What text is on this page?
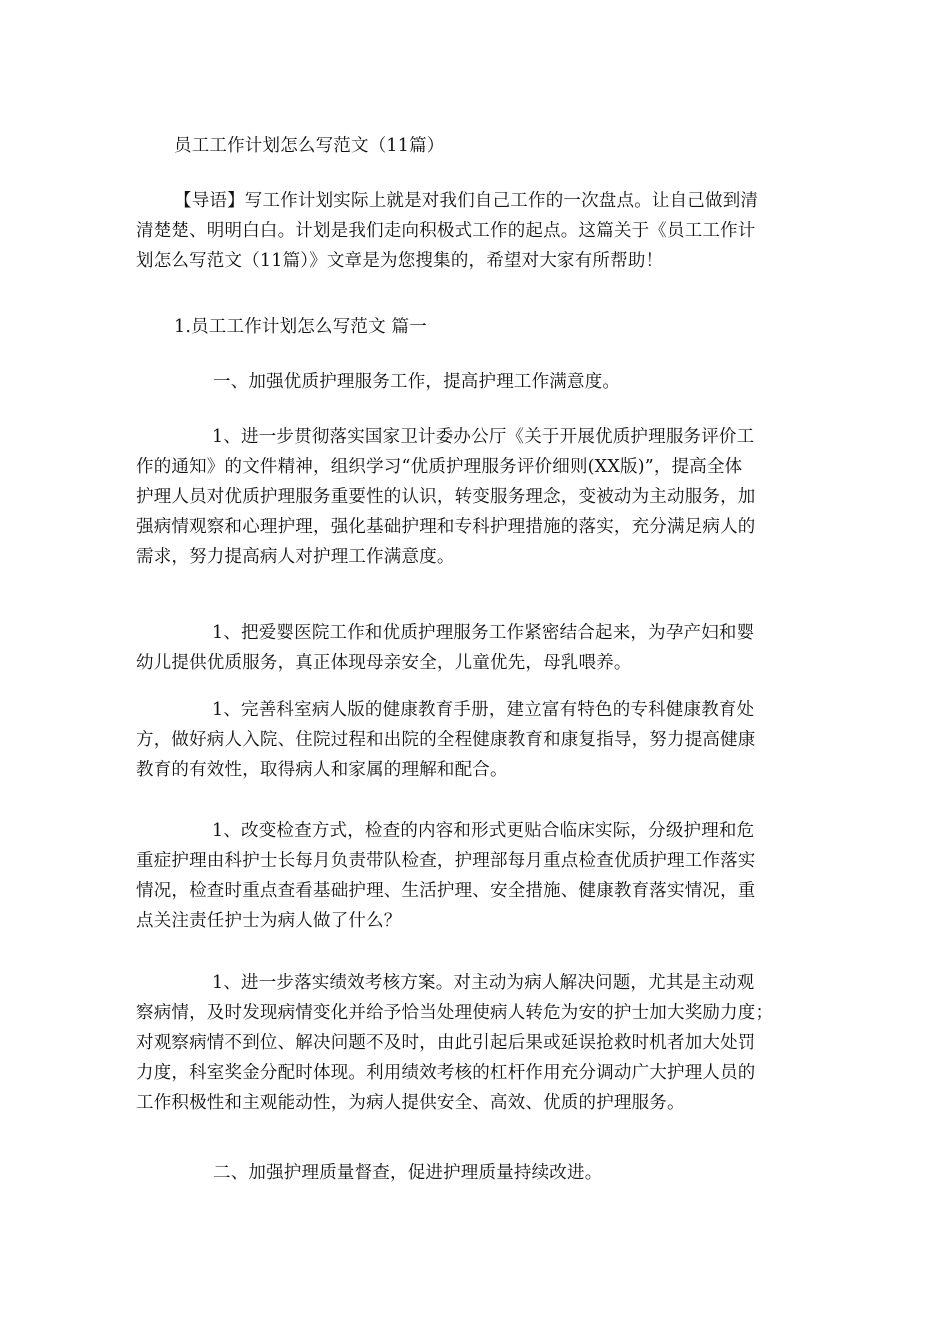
员工工作计划怎么写范文（11篇）
【导语】写工作计划实际上就是对我们自己工作的一次盘点。让自己做到清
清楚楚、明明白白。计划是我们走向积极式工作的起点。这篇关于《员工工作计
划怎么写范文（11篇）》文章是为您搜集的，希望对大家有所帮助！
1.员工工作计划怎么写范文 篇一
一、加强优质护理服务工作，提高护理工作满意度。
1、进一步贯彻落实国家卫计委办公厅《关于开展优质护理服务评价工
作的通知》的文件精神，组织学习“优质护理服务评价细则(XX版)”，提高全体
护理人员对优质护理服务重要性的认识，转变服务理念，变被动为主动服务，加
强病情观察和心理护理，强化基础护理和专科护理措施的落实，充分满足病人的
需求，努力提高病人对护理工作满意度。
1、把爱婴医院工作和优质护理服务工作紧密结合起来，为孕产妇和婴
幼儿提供优质服务，真正体现母亲安全，儿童优先，母乳喂养。
1、完善科室病人版的健康教育手册，建立富有特色的专科健康教育处
方，做好病人入院、住院过程和出院的全程健康教育和康复指导，努力提高健康
教育的有效性，取得病人和家属的理解和配合。
1、改变检查方式，检查的内容和形式更贴合临床实际，分级护理和危
重症护理由科护士长每月负责带队检查，护理部每月重点检查优质护理工作落实
情况，检查时重点查看基础护理、生活护理、安全措施、健康教育落实情况，重
点关注责任护士为病人做了什么？
1、进一步落实绩效考核方案。对主动为病人解决问题，尤其是主动观
察病情，及时发现病情变化并给予恰当处理使病人转危为安的护士加大奖励力度；
对观察病情不到位、解决问题不及时，由此引起后果或延误抢救时机者加大处罚
力度，科室奖金分配时体现。利用绩效考核的杠杆作用充分调动广大护理人员的
工作积极性和主观能动性，为病人提供安全、高效、优质的护理服务。
二、加强护理质量督查，促进护理质量持续改进。
